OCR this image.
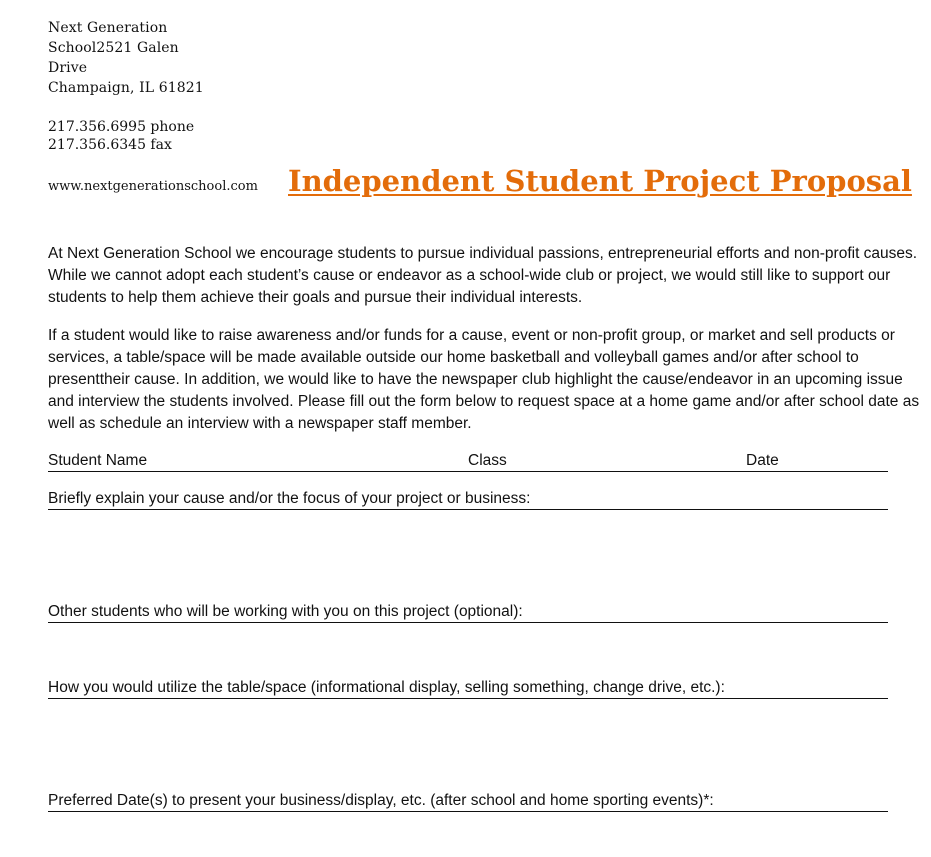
Next Generation
School2521 Galen
Drive
Champaign, IL 61821
217.356.6995 phone
217.356.6345 fax
www.nextgenerationschool.com Independent Student Project Proposal

At Next Generation School we encourage students to pursue individual passions, entrepreneurial efforts and non-profit causes. While we cannot adopt each student’s cause or endeavor as a school-wide club or project, we would still like to support our students to help them achieve their goals and pursue their individual interests.

If a student would like to raise awareness and/or funds for a cause, event or non-profit group, or market and sell products or services, a table/space will be made available outside our home basketball and volleyball games and/or after school to presenttheir cause. In addition, we would like to have the newspaper club highlight the cause/endeavor in an upcoming issue and interview the students involved. Please fill out the form below to request space at a home game and/or after school date as well as schedule an interview with a newspaper staff member.

Student Name	Class	Date
Briefly explain your cause and/or the focus of your project or business:
Other students who will be working with you on this project (optional):
How you would utilize the table/space (informational display, selling something, change drive, etc.):
Preferred Date(s) to present your business/display, etc. (after school and home sporting events)*:
